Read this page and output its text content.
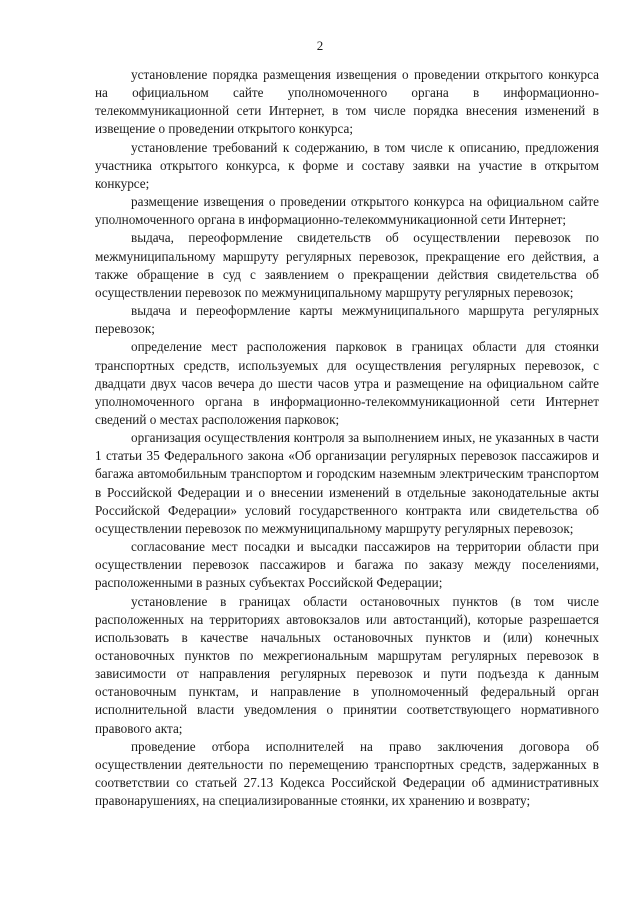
2

установление порядка размещения извещения о проведении открытого конкурса на официальном сайте уполномоченного органа в информационно-телекоммуникационной сети Интернет, в том числе порядка внесения изменений в извещение о проведении открытого конкурса;

установление требований к содержанию, в том числе к описанию, предложения участника открытого конкурса, к форме и составу заявки на участие в открытом конкурсе;

размещение извещения о проведении открытого конкурса на официальном сайте уполномоченного органа в информационно-телекоммуникационной сети Интернет;

выдача, переоформление свидетельств об осуществлении перевозок по межмуниципальному маршруту регулярных перевозок, прекращение его действия, а также обращение в суд с заявлением о прекращении действия свидетельства об осуществлении перевозок по межмуниципальному маршруту регулярных перевозок;

выдача и переоформление карты межмуниципального маршрута регулярных перевозок;

определение мест расположения парковок в границах области для стоянки транспортных средств, используемых для осуществления регулярных перевозок, с двадцати двух часов вечера до шести часов утра и размещение на официальном сайте уполномоченного органа в информационно-телекоммуникационной сети Интернет сведений о местах расположения парковок;

организация осуществления контроля за выполнением иных, не указанных в части 1 статьи 35 Федерального закона «Об организации регулярных перевозок пассажиров и багажа автомобильным транспортом и городским наземным электрическим транспортом в Российской Федерации и о внесении изменений в отдельные законодательные акты Российской Федерации» условий государственного контракта или свидетельства об осуществлении перевозок по межмуниципальному маршруту регулярных перевозок;

согласование мест посадки и высадки пассажиров на территории области при осуществлении перевозок пассажиров и багажа по заказу между поселениями, расположенными в разных субъектах Российской Федерации;

установление в границах области остановочных пунктов (в том числе расположенных на территориях автовокзалов или автостанций), которые разрешается использовать в качестве начальных остановочных пунктов и (или) конечных остановочных пунктов по межрегиональным маршрутам регулярных перевозок в зависимости от направления регулярных перевозок и пути подъезда к данным остановочным пунктам, и направление в уполномоченный федеральный орган исполнительной власти уведомления о принятии соответствующего нормативного правового акта;

проведение отбора исполнителей на право заключения договора об осуществлении деятельности по перемещению транспортных средств, задержанных в соответствии со статьей 27.13 Кодекса Российской Федерации об административных правонарушениях, на специализированные стоянки, их хранению и возврату;
